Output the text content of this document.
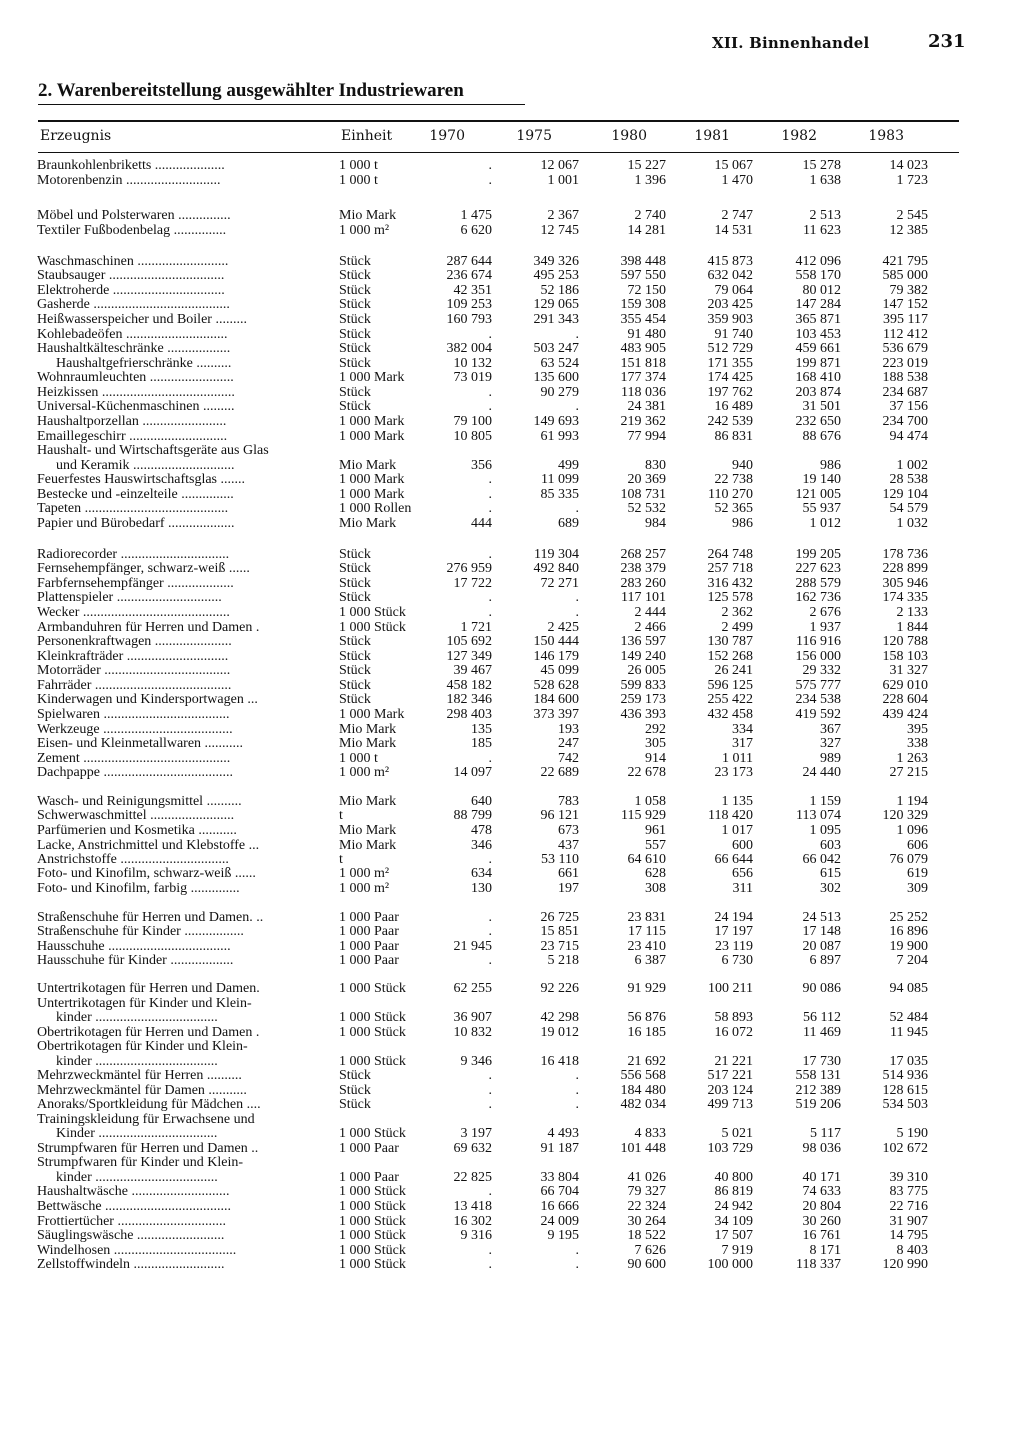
XII. Binnenhandel	231
2. Warenbereitstellung ausgewählter Industriewaren
Erzeugnis	Einheit	1970	1975	1980	1981	1982	1983
Braunkohlenbriketts ....................	1 000 t	.	12 067	15 227	15 067	15 278	14 023
Motorenbenzin ...........................	1 000 t	.	1 001	1 396	1 470	1 638	1 723
Möbel und Polsterwaren ...............	Mio Mark	1 475	2 367	2 740	2 747	2 513	2 545
Textiler Fußbodenbelag ...............	1 000 m²	6 620	12 745	14 281	14 531	11 623	12 385
Waschmaschinen ..........................	Stück	287 644	349 326	398 448	415 873	412 096	421 795
Staubsauger .................................	Stück	236 674	495 253	597 550	632 042	558 170	585 000
Elektroherde ................................	Stück	42 351	52 186	72 150	79 064	80 012	79 382
Gasherde .......................................	Stück	109 253	129 065	159 308	203 425	147 284	147 152
Heißwasserspeicher und Boiler .........	Stück	160 793	291 343	355 454	359 903	365 871	395 117
Kohlebadeöfen .............................	Stück	.	.	91 480	91 740	103 453	112 412
Haushaltkälteschränke ..................	Stück	382 004	503 247	483 905	512 729	459 661	536 679
Haushaltgefrierschränke ..........	Stück	10 132	63 524	151 818	171 355	199 871	223 019
Wohnraumleuchten ........................	1 000 Mark	73 019	135 600	177 374	174 425	168 410	188 538
Heizkissen ......................................	Stück	.	90 279	118 036	197 762	203 874	234 687
Universal-Küchenmaschinen .........	Stück	.	.	24 381	16 489	31 501	37 156
Haushaltporzellan ........................	1 000 Mark	79 100	149 693	219 362	242 539	232 650	234 700
Emaillegeschirr ............................	1 000 Mark	10 805	61 993	77 994	86 831	88 676	94 474
Haushalt- und Wirtschaftsgeräte aus Glas
und Keramik .............................	Mio Mark	356	499	830	940	986	1 002
Feuerfestes Hauswirtschaftsglas .......	1 000 Mark	.	11 099	20 369	22 738	19 140	28 538
Bestecke und -einzelteile ...............	1 000 Mark	.	85 335	108 731	110 270	121 005	129 104
Tapeten .........................................	1 000 Rollen	.	.	52 532	52 365	55 937	54 579
Papier und Bürobedarf ...................	Mio Mark	444	689	984	986	1 012	1 032
Radiorecorder ...............................	Stück	.	119 304	268 257	264 748	199 205	178 736
Fernsehempfänger, schwarz-weiß ......	Stück	276 959	492 840	238 379	257 718	227 623	228 899
Farbfernsehempfänger ...................	Stück	17 722	72 271	283 260	316 432	288 579	305 946
Plattenspieler ..............................	Stück	.	.	117 101	125 578	162 736	174 335
Wecker ..........................................	1 000 Stück	.	.	2 444	2 362	2 676	2 133
Armbanduhren für Herren und Damen .	1 000 Stück	1 721	2 425	2 466	2 499	1 937	1 844
Personenkraftwagen ......................	Stück	105 692	150 444	136 597	130 787	116 916	120 788
Kleinkrafträder .............................	Stück	127 349	146 179	149 240	152 268	156 000	158 103
Motorräder ....................................	Stück	39 467	45 099	26 005	26 241	29 332	31 327
Fahrräder .......................................	Stück	458 182	528 628	599 833	596 125	575 777	629 010
Kinderwagen und Kindersportwagen ...	Stück	182 346	184 600	259 173	255 422	234 538	228 604
Spielwaren ....................................	1 000 Mark	298 403	373 397	436 393	432 458	419 592	439 424
Werkzeuge .....................................	Mio Mark	135	193	292	334	367	395
Eisen- und Kleinmetallwaren ...........	Mio Mark	185	247	305	317	327	338
Zement ..........................................	1 000 t	.	742	914	1 011	989	1 263
Dachpappe .....................................	1 000 m²	14 097	22 689	22 678	23 173	24 440	27 215
Wasch- und Reinigungsmittel ..........	Mio Mark	640	783	1 058	1 135	1 159	1 194
Schwerwaschmittel ........................	t	88 799	96 121	115 929	118 420	113 074	120 329
Parfümerien und Kosmetika ...........	Mio Mark	478	673	961	1 017	1 095	1 096
Lacke, Anstrichmittel und Klebstoffe ...	Mio Mark	346	437	557	600	603	606
Anstrichstoffe ...............................	t	.	53 110	64 610	66 644	66 042	76 079
Foto- und Kinofilm, schwarz-weiß ......	1 000 m²	634	661	628	656	615	619
Foto- und Kinofilm, farbig ..............	1 000 m²	130	197	308	311	302	309
Straßenschuhe für Herren und Damen. ..	1 000 Paar	.	26 725	23 831	24 194	24 513	25 252
Straßenschuhe für Kinder .................	1 000 Paar	.	15 851	17 115	17 197	17 148	16 896
Hausschuhe ...................................	1 000 Paar	21 945	23 715	23 410	23 119	20 087	19 900
Hausschuhe für Kinder ..................	1 000 Paar	.	5 218	6 387	6 730	6 897	7 204
Untertrikotagen für Herren und Damen.	1 000 Stück	62 255	92 226	91 929	100 211	90 086	94 085
Untertrikotagen für Kinder und Klein-
kinder ...................................	1 000 Stück	36 907	42 298	56 876	58 893	56 112	52 484
Obertrikotagen für Herren und Damen .	1 000 Stück	10 832	19 012	16 185	16 072	11 469	11 945
Obertrikotagen für Kinder und Klein-
kinder ...................................	1 000 Stück	9 346	16 418	21 692	21 221	17 730	17 035
Mehrzweckmäntel für Herren ..........	Stück	.	.	556 568	517 221	558 131	514 936
Mehrzweckmäntel für Damen ...........	Stück	.	.	184 480	203 124	212 389	128 615
Anoraks/Sportkleidung für Mädchen ....	Stück	.	.	482 034	499 713	519 206	534 503
Trainingskleidung für Erwachsene und
Kinder ..................................	1 000 Stück	3 197	4 493	4 833	5 021	5 117	5 190
Strumpfwaren für Herren und Damen ..	1 000 Paar	69 632	91 187	101 448	103 729	98 036	102 672
Strumpfwaren für Kinder und Klein-
kinder ...................................	1 000 Paar	22 825	33 804	41 026	40 800	40 171	39 310
Haushaltwäsche ............................	1 000 Stück	.	66 704	79 327	86 819	74 633	83 775
Bettwäsche ....................................	1 000 Stück	13 418	16 666	22 324	24 942	20 804	22 716
Frottiertücher ...............................	1 000 Stück	16 302	24 009	30 264	34 109	30 260	31 907
Säuglingswäsche .........................	1 000 Stück	9 316	9 195	18 522	17 507	16 761	14 795
Windelhosen ...................................	1 000 Stück	.	.	7 626	7 919	8 171	8 403
Zellstoffwindeln ..........................	1 000 Stück	.	.	90 600	100 000	118 337	120 990
